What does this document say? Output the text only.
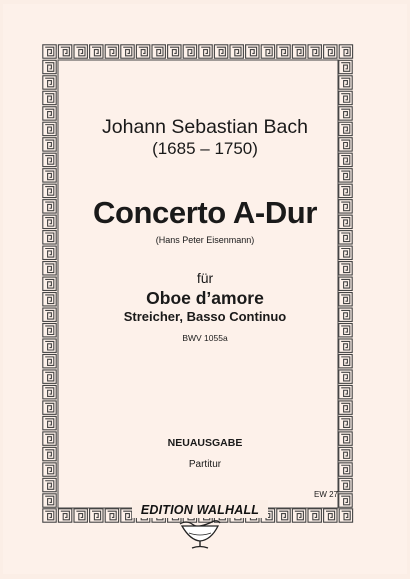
Johann Sebastian Bach
(1685 – 1750)
Concerto A-Dur
(Hans Peter Eisenmann)
für
Oboe d’amore
Streicher, Basso Continuo
BWV 1055a
NEUAUSGABE
Partitur
EW 27
EDITION WALHALL
